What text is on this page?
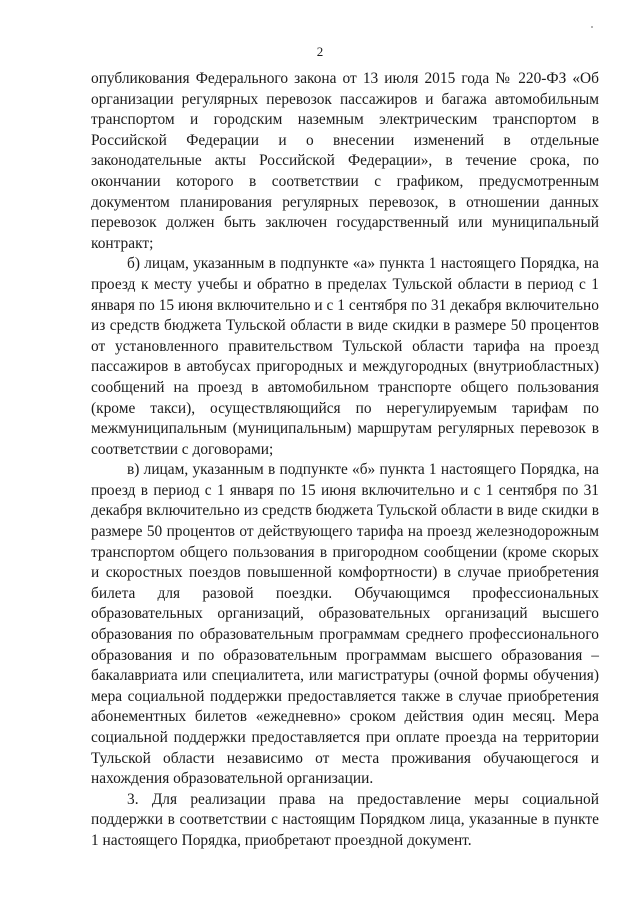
2

опубликования Федерального закона от 13 июля 2015 года № 220-ФЗ «Об организации регулярных перевозок пассажиров и багажа автомобильным транспортом и городским наземным электрическим транспортом в Российской Федерации и о внесении изменений в отдельные законодательные акты Российской Федерации», в течение срока, по окончании которого в соответствии с графиком, предусмотренным документом планирования регулярных перевозок, в отношении данных перевозок должен быть заключен государственный или муниципальный контракт;

б) лицам, указанным в подпункте «а» пункта 1 настоящего Порядка, на проезд к месту учебы и обратно в пределах Тульской области в период с 1 января по 15 июня включительно и с 1 сентября по 31 декабря включительно из средств бюджета Тульской области в виде скидки в размере 50 процентов от установленного правительством Тульской области тарифа на проезд пассажиров в автобусах пригородных и междугородных (внутриобластных) сообщений на проезд в автомобильном транспорте общего пользования (кроме такси), осуществляющийся по нерегулируемым тарифам по межмуниципальным (муниципальным) маршрутам регулярных перевозок в соответствии с договорами;

в) лицам, указанным в подпункте «б» пункта 1 настоящего Порядка, на проезд в период с 1 января по 15 июня включительно и с 1 сентября по 31 декабря включительно из средств бюджета Тульской области в виде скидки в размере 50 процентов от действующего тарифа на проезд железнодорожным транспортом общего пользования в пригородном сообщении (кроме скорых и скоростных поездов повышенной комфортности) в случае приобретения билета для разовой поездки. Обучающимся профессиональных образовательных организаций, образовательных организаций высшего образования по образовательным программам среднего профессионального образования и по образовательным программам высшего образования – бакалавриата или специалитета, или магистратуры (очной формы обучения) мера социальной поддержки предоставляется также в случае приобретения абонементных билетов «ежедневно» сроком действия один месяц. Мера социальной поддержки предоставляется при оплате проезда на территории Тульской области независимо от места проживания обучающегося и нахождения образовательной организации.

3. Для реализации права на предоставление меры социальной поддержки в соответствии с настоящим Порядком лица, указанные в пункте 1 настоящего Порядка, приобретают проездной документ.
